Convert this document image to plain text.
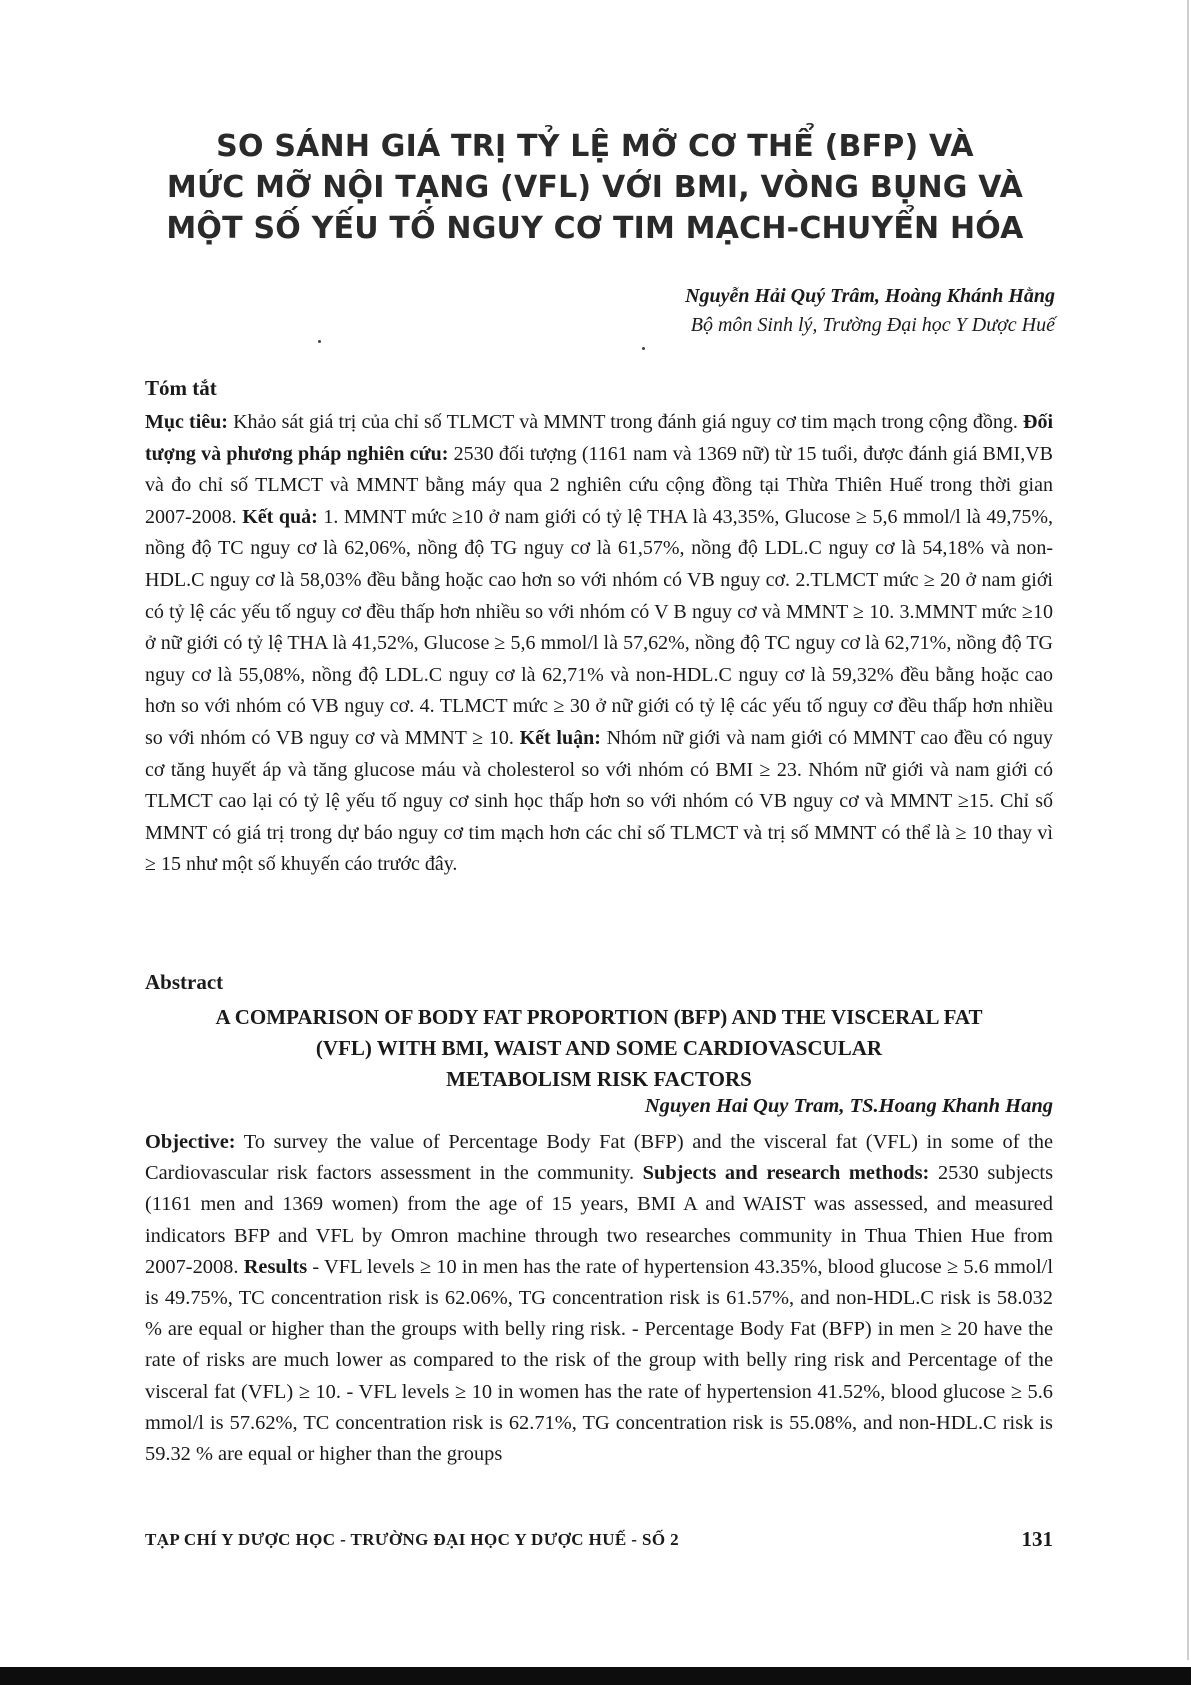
SO SÁNH GIÁ TRỊ TỶ LỆ MỠ CƠ THỂ (BFP) VÀ
MỨC MỠ NỘI TẠNG (VFL) VỚI BMI, VÒNG BỤNG VÀ
MỘT SỐ YẾU TỐ NGUY CƠ TIM MẠCH-CHUYỂN HÓA
Nguyễn Hải Quý Trâm, Hoàng Khánh Hằng
Bộ môn Sinh lý, Trường Đại học Y Dược Huế
Tóm tắt
Mục tiêu: Khảo sát giá trị của chỉ số TLMCT và MMNT trong đánh giá nguy cơ tim mạch trong cộng đồng. Đối tượng và phương pháp nghiên cứu: 2530 đối tượng (1161 nam và 1369 nữ) từ 15 tuổi, được đánh giá BMI,VB và đo chỉ số TLMCT và MMNT bằng máy qua 2 nghiên cứu cộng đồng tại Thừa Thiên Huế trong thời gian 2007-2008. Kết quả: 1. MMNT mức ≥10 ở nam giới có tỷ lệ THA là 43,35%, Glucose ≥ 5,6 mmol/l là 49,75%, nồng độ TC nguy cơ là 62,06%, nồng độ TG nguy cơ là 61,57%, nồng độ LDL.C nguy cơ là 54,18% và non-HDL.C nguy cơ là 58,03% đều bằng hoặc cao hơn so với nhóm có VB nguy cơ. 2.TLMCT mức ≥ 20 ở nam giới có tỷ lệ các yếu tố nguy cơ đều thấp hơn nhiều so với nhóm có V B nguy cơ và MMNT ≥ 10. 3.MMNT mức ≥10 ở nữ giới có tỷ lệ THA là 41,52%, Glucose ≥ 5,6 mmol/l là 57,62%, nồng độ TC nguy cơ là 62,71%, nồng độ TG nguy cơ là 55,08%, nồng độ LDL.C nguy cơ là 62,71% và non-HDL.C nguy cơ là 59,32% đều bằng hoặc cao hơn so với nhóm có VB nguy cơ. 4. TLMCT mức ≥ 30 ở nữ giới có tỷ lệ các yếu tố nguy cơ đều thấp hơn nhiều so với nhóm có VB nguy cơ và MMNT ≥ 10. Kết luận: Nhóm nữ giới và nam giới có MMNT cao đều có nguy cơ tăng huyết áp và tăng glucose máu và cholesterol so với nhóm có BMI ≥ 23. Nhóm nữ giới và nam giới có TLMCT cao lại có tỷ lệ yếu tố nguy cơ sinh học thấp hơn so với nhóm có VB nguy cơ và MMNT ≥15. Chỉ số MMNT có giá trị trong dự báo nguy cơ tim mạch hơn các chỉ số TLMCT và trị số MMNT có thể là ≥ 10 thay vì ≥ 15 như một số khuyến cáo trước đây.
Abstract
A COMPARISON OF BODY FAT PROPORTION (BFP) AND THE VISCERAL FAT
(VFL) WITH BMI, WAIST AND SOME CARDIOVASCULAR
METABOLISM RISK FACTORS
Nguyen Hai Quy Tram, TS.Hoang Khanh Hang
Objective: To survey the value of Percentage Body Fat (BFP) and the visceral fat (VFL) in some of the Cardiovascular risk factors assessment in the community. Subjects and research methods: 2530 subjects (1161 men and 1369 women) from the age of 15 years, BMI A and WAIST was assessed, and measured indicators BFP and VFL by Omron machine through two researches community in Thua Thien Hue from 2007-2008. Results - VFL levels ≥ 10 in men has the rate of hypertension 43.35%, blood glucose ≥ 5.6 mmol/l is 49.75%, TC concentration risk is 62.06%, TG concentration risk is 61.57%, and non-HDL.C risk is 58.032 % are equal or higher than the groups with belly ring risk. - Percentage Body Fat (BFP) in men ≥ 20 have the rate of risks are much lower as compared to the risk of the group with belly ring risk and Percentage of the visceral fat (VFL) ≥ 10. - VFL levels ≥ 10 in women has the rate of hypertension 41.52%, blood glucose ≥ 5.6 mmol/l is 57.62%, TC concentration risk is 62.71%, TG concentration risk is 55.08%, and non-HDL.C risk is 59.32 % are equal or higher than the groups
TẠP CHÍ Y DƯỢC HỌC - TRƯỜNG ĐẠI HỌC Y DƯỢC HUẾ - SỐ 2	131
